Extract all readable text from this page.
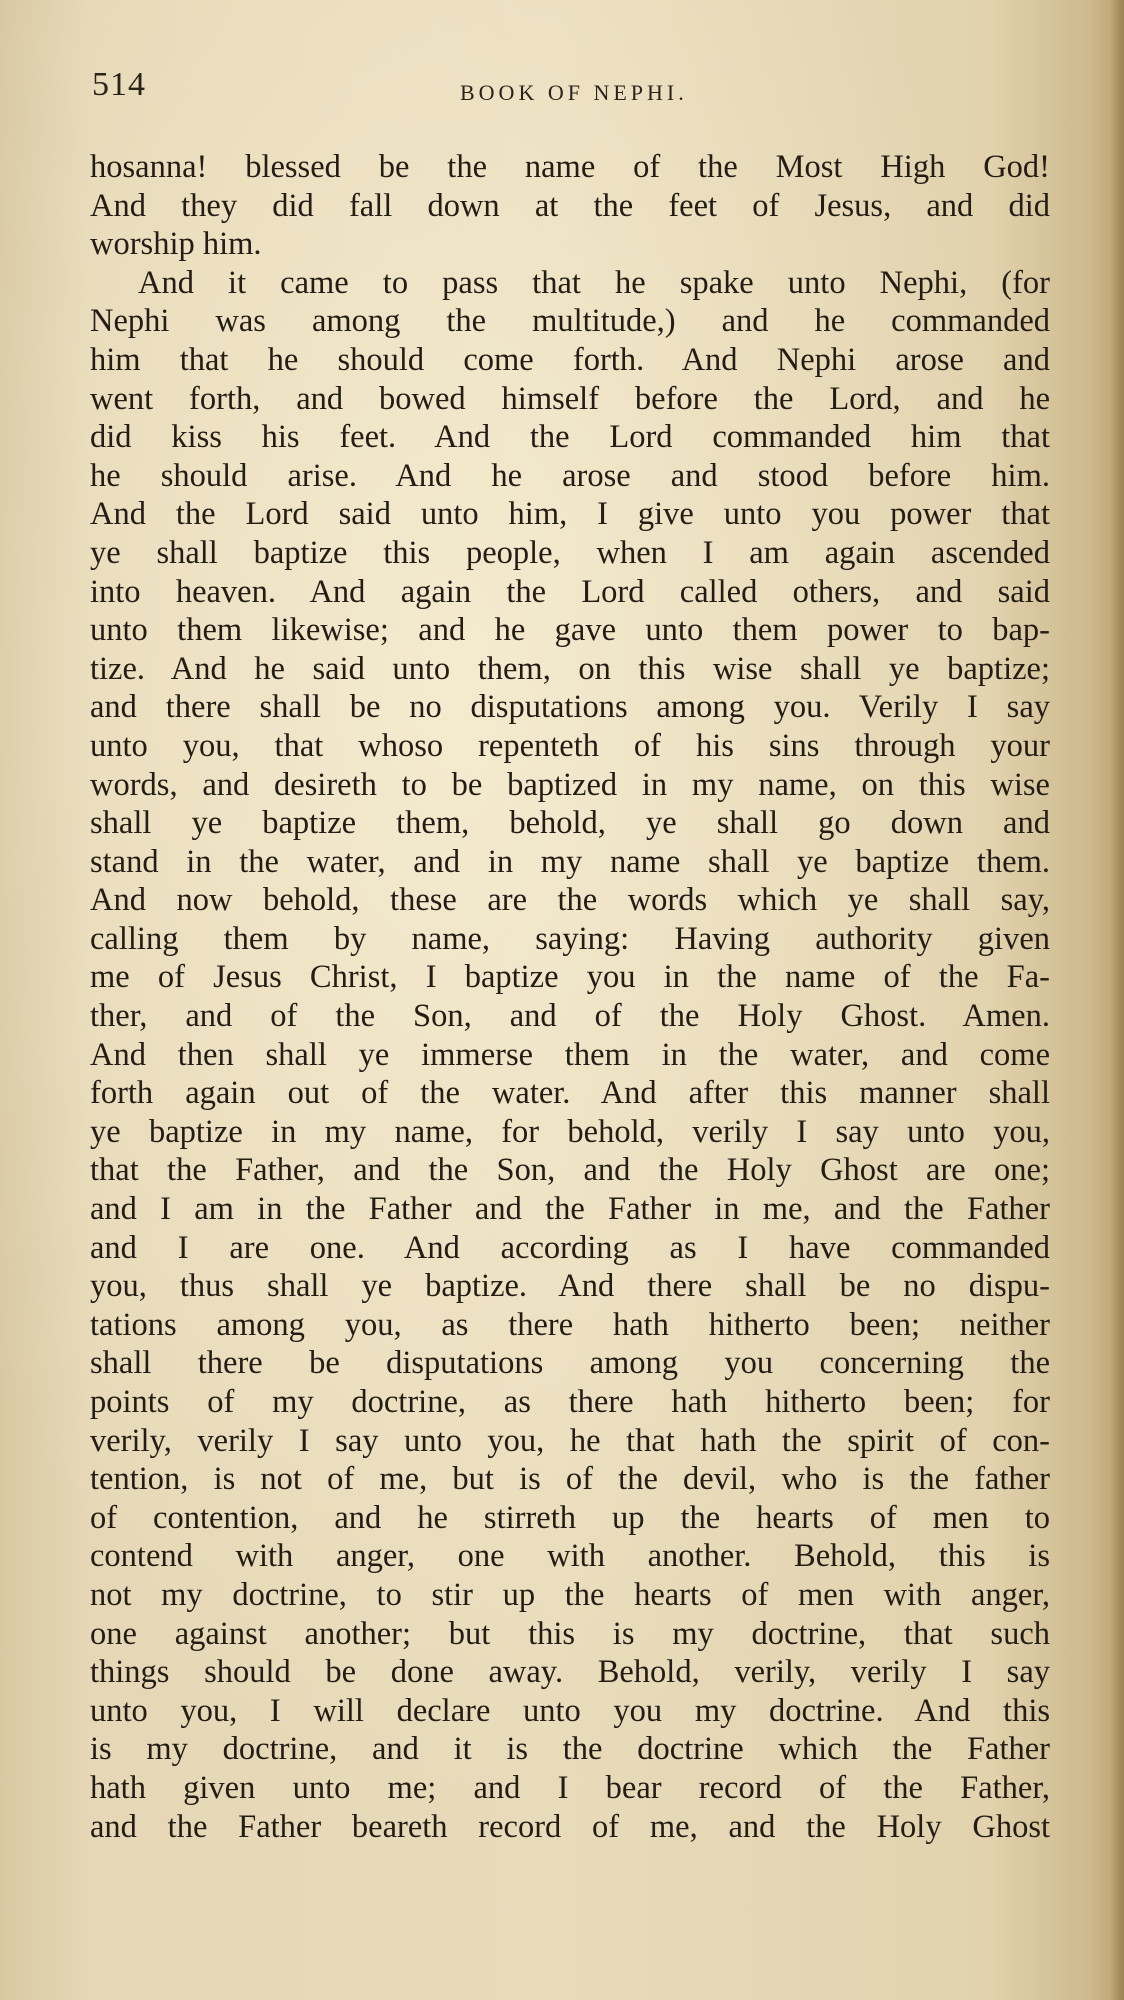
514	BOOK OF NEPHI.
hosanna! blessed be the name of the Most High God!
And they did fall down at the feet of Jesus, and did
worship him.
And it came to pass that he spake unto Nephi, (for
Nephi was among the multitude,) and he commanded
him that he should come forth. And Nephi arose and
went forth, and bowed himself before the Lord, and he
did kiss his feet. And the Lord commanded him that
he should arise. And he arose and stood before him.
And the Lord said unto him, I give unto you power that
ye shall baptize this people, when I am again ascended
into heaven. And again the Lord called others, and said
unto them likewise; and he gave unto them power to bap-
tize. And he said unto them, on this wise shall ye baptize;
and there shall be no disputations among you. Verily I say
unto you, that whoso repenteth of his sins through your
words, and desireth to be baptized in my name, on this wise
shall ye baptize them, behold, ye shall go down and
stand in the water, and in my name shall ye baptize them.
And now behold, these are the words which ye shall say,
calling them by name, saying: Having authority given
me of Jesus Christ, I baptize you in the name of the Fa-
ther, and of the Son, and of the Holy Ghost. Amen.
And then shall ye immerse them in the water, and come
forth again out of the water. And after this manner shall
ye baptize in my name, for behold, verily I say unto you,
that the Father, and the Son, and the Holy Ghost are one;
and I am in the Father and the Father in me, and the Father
and I are one. And according as I have commanded
you, thus shall ye baptize. And there shall be no dispu-
tations among you, as there hath hitherto been; neither
shall there be disputations among you concerning the
points of my doctrine, as there hath hitherto been; for
verily, verily I say unto you, he that hath the spirit of con-
tention, is not of me, but is of the devil, who is the father
of contention, and he stirreth up the hearts of men to
contend with anger, one with another. Behold, this is
not my doctrine, to stir up the hearts of men with anger,
one against another; but this is my doctrine, that such
things should be done away. Behold, verily, verily I say
unto you, I will declare unto you my doctrine. And this
is my doctrine, and it is the doctrine which the Father
hath given unto me; and I bear record of the Father,
and the Father beareth record of me, and the Holy Ghost
